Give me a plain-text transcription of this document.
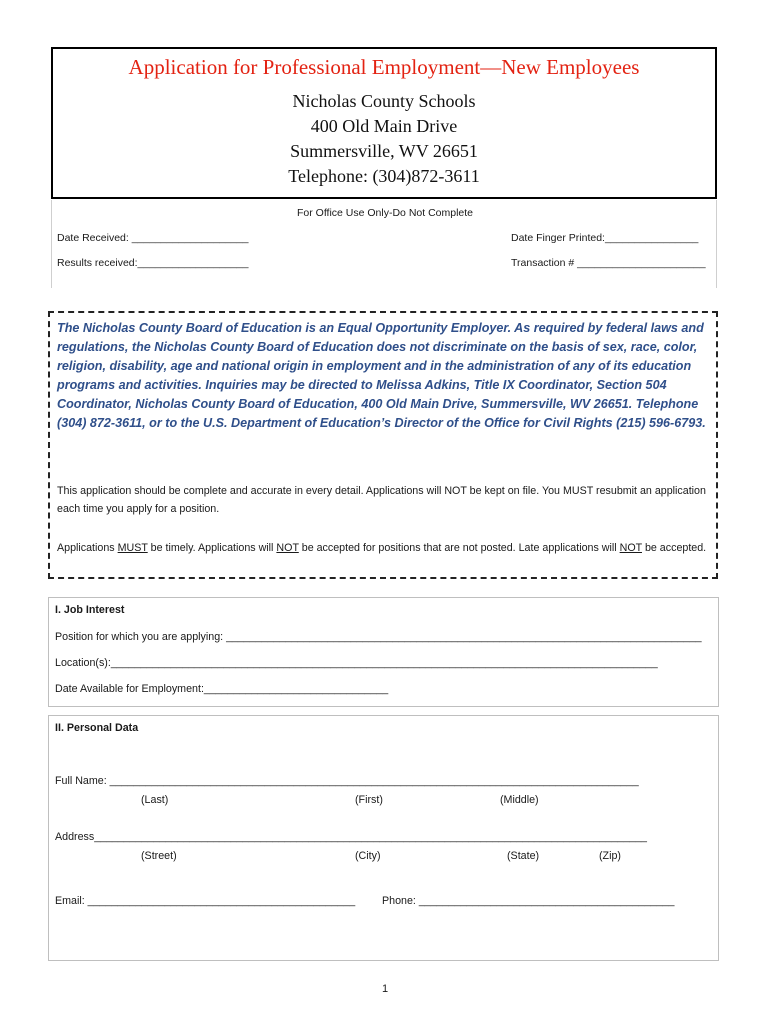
Application for Professional Employment—New Employees
Nicholas County Schools
400 Old Main Drive
Summersville, WV 26651
Telephone: (304)872-3611
For Office Use Only-Do Not Complete
Date Received: ____________________	Date Finger Printed:________________
Results received:___________________	Transaction # ______________________

The Nicholas County Board of Education is an Equal Opportunity Employer. As required by federal laws and regulations, the Nicholas County Board of Education does not discriminate on the basis of sex, race, color, religion, disability, age and national origin in employment and in the administration of any of its education programs and activities. Inquiries may be directed to Melissa Adkins, Title IX Coordinator, Section 504 Coordinator, Nicholas County Board of Education, 400 Old Main Drive, Summersville, WV 26651. Telephone (304) 872-3611, or to the U.S. Department of Education’s Director of the Office for Civil Rights (215) 596-6793.

This application should be complete and accurate in every detail. Applications will NOT be kept on file. You MUST resubmit an application each time you apply for a position.

Applications MUST be timely. Applications will NOT be accepted for positions that are not posted. Late applications will NOT be accepted.

I. Job Interest
Position for which you are applying: ________________________________________________________________________________
Location(s):____________________________________________________________________________________________
Date Available for Employment:_______________________________
II. Personal Data
Full Name: _________________________________________________________________________________________
(Last)	(First)	(Middle)
Address_____________________________________________________________________________________________
(Street)	(City)	(State)	(Zip)
Email: _____________________________________________	Phone: ___________________________________________
1
